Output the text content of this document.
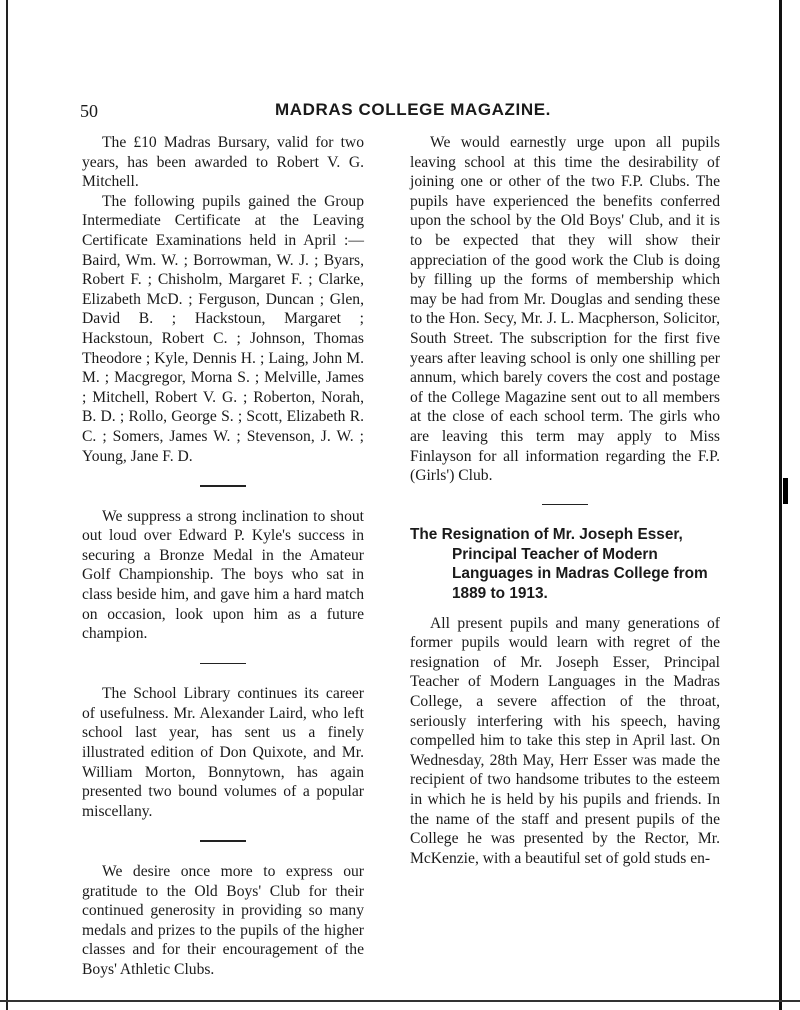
50	MADRAS COLLEGE MAGAZINE.

The £10 Madras Bursary, valid for two years, has been awarded to Robert V. G. Mitchell.

The following pupils gained the Group Intermediate Certificate at the Leaving Certificate Examinations held in April :— Baird, Wm. W. ; Borrowman, W. J. ; Byars, Robert F. ; Chisholm, Margaret F. ; Clarke, Elizabeth McD. ; Ferguson, Duncan ; Glen, David B. ; Hackstoun, Margaret ; Hackstoun, Robert C. ; Johnson, Thomas Theodore ; Kyle, Dennis H. ; Laing, John M. M. ; Macgregor, Morna S. ; Melville, James ; Mitchell, Robert V. G. ; Roberton, Norah, B. D. ; Rollo, George S. ; Scott, Elizabeth R. C. ; Somers, James W. ; Stevenson, J. W. ; Young, Jane F. D.

We suppress a strong inclination to shout out loud over Edward P. Kyle's success in securing a Bronze Medal in the Amateur Golf Championship. The boys who sat in class beside him, and gave him a hard match on occasion, look upon him as a future champion.

The School Library continues its career of usefulness. Mr. Alexander Laird, who left school last year, has sent us a finely illustrated edition of Don Quixote, and Mr. William Morton, Bonnytown, has again presented two bound volumes of a popular miscellany.

We desire once more to express our gratitude to the Old Boys' Club for their continued generosity in providing so many medals and prizes to the pupils of the higher classes and for their encouragement of the Boys' Athletic Clubs.

We would earnestly urge upon all pupils leaving school at this time the desirability of joining one or other of the two F.P. Clubs. The pupils have experienced the benefits conferred upon the school by the Old Boys' Club, and it is to be expected that they will show their appreciation of the good work the Club is doing by filling up the forms of membership which may be had from Mr. Douglas and sending these to the Hon. Secy, Mr. J. L. Macpherson, Solicitor, South Street. The subscription for the first five years after leaving school is only one shilling per annum, which barely covers the cost and postage of the College Magazine sent out to all members at the close of each school term. The girls who are leaving this term may apply to Miss Finlayson for all information regarding the F.P. (Girls') Club.

The Resignation of Mr. Joseph Esser, Principal Teacher of Modern Languages in Madras College from 1889 to 1913.

All present pupils and many generations of former pupils would learn with regret of the resignation of Mr. Joseph Esser, Principal Teacher of Modern Languages in the Madras College, a severe affection of the throat, seriously interfering with his speech, having compelled him to take this step in April last. On Wednesday, 28th May, Herr Esser was made the recipient of two handsome tributes to the esteem in which he is held by his pupils and friends. In the name of the staff and present pupils of the College he was presented by the Rector, Mr. McKenzie, with a beautiful set of gold studs en-
